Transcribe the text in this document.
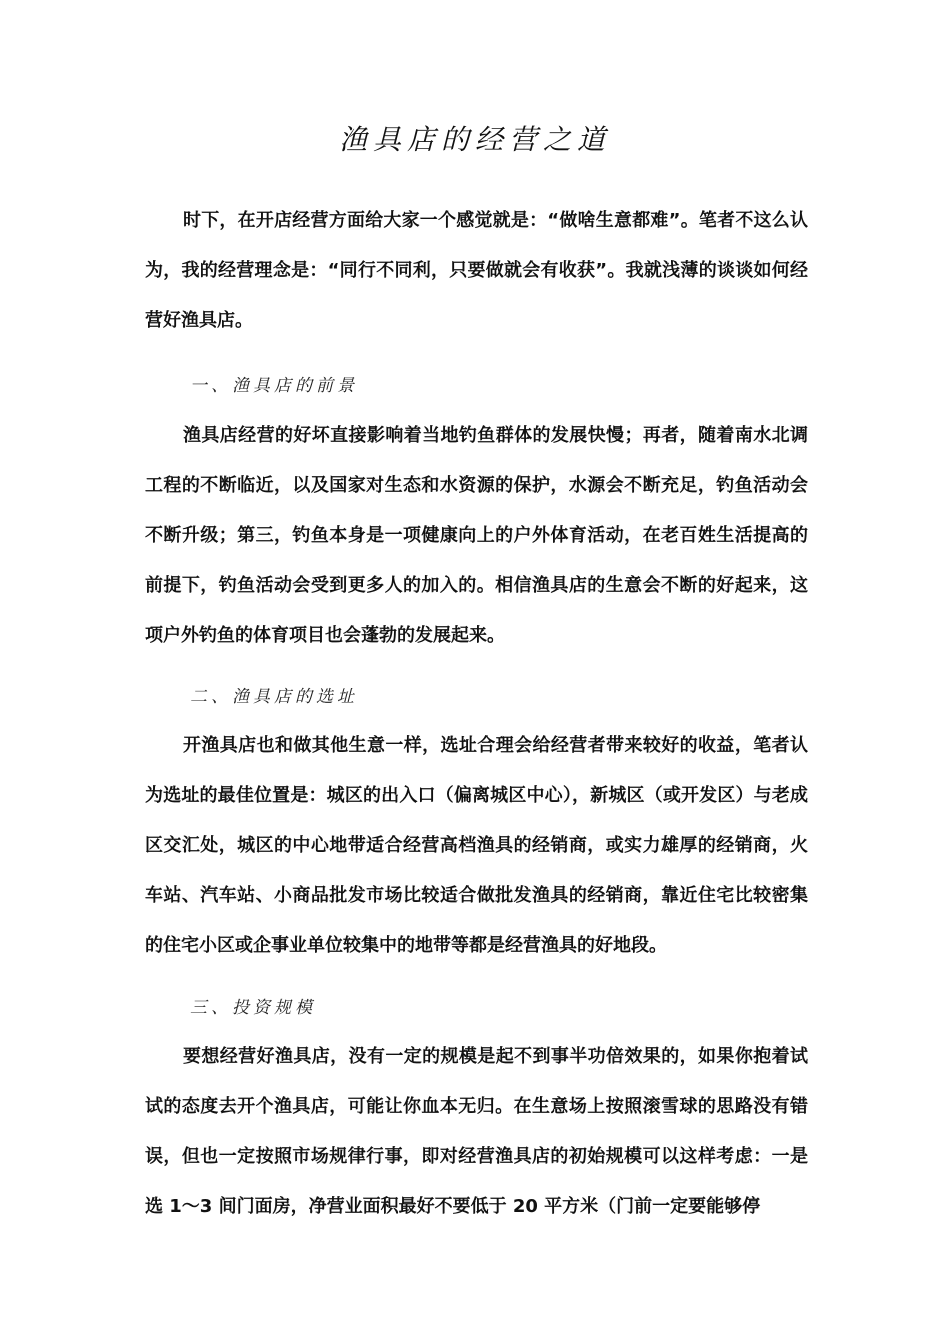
渔具店的经营之道

时下，在开店经营方面给大家一个感觉就是：“做啥生意都难”。笔者不这么认为，我的经营理念是：“同行不同利，只要做就会有收获”。我就浅薄的谈谈如何经营好渔具店。

一、渔具店的前景

渔具店经营的好坏直接影响着当地钓鱼群体的发展快慢；再者，随着南水北调工程的不断临近，以及国家对生态和水资源的保护，水源会不断充足，钓鱼活动会不断升级；第三，钓鱼本身是一项健康向上的户外体育活动，在老百姓生活提高的前提下，钓鱼活动会受到更多人的加入的。相信渔具店的生意会不断的好起来，这项户外钓鱼的体育项目也会蓬勃的发展起来。

二、渔具店的选址

开渔具店也和做其他生意一样，选址合理会给经营者带来较好的收益，笔者认为选址的最佳位置是：城区的出入口（偏离城区中心），新城区（或开发区）与老成区交汇处，城区的中心地带适合经营高档渔具的经销商，或实力雄厚的经销商，火车站、汽车站、小商品批发市场比较适合做批发渔具的经销商，靠近住宅比较密集的住宅小区或企事业单位较集中的地带等都是经营渔具的好地段。

三、投资规模

要想经营好渔具店，没有一定的规模是起不到事半功倍效果的，如果你抱着试试的态度去开个渔具店，可能让你血本无归。在生意场上按照滚雪球的思路没有错误，但也一定按照市场规律行事，即对经营渔具店的初始规模可以这样考虑：一是选 1～3 间门面房，净营业面积最好不要低于 20 平方米（门前一定要能够停
